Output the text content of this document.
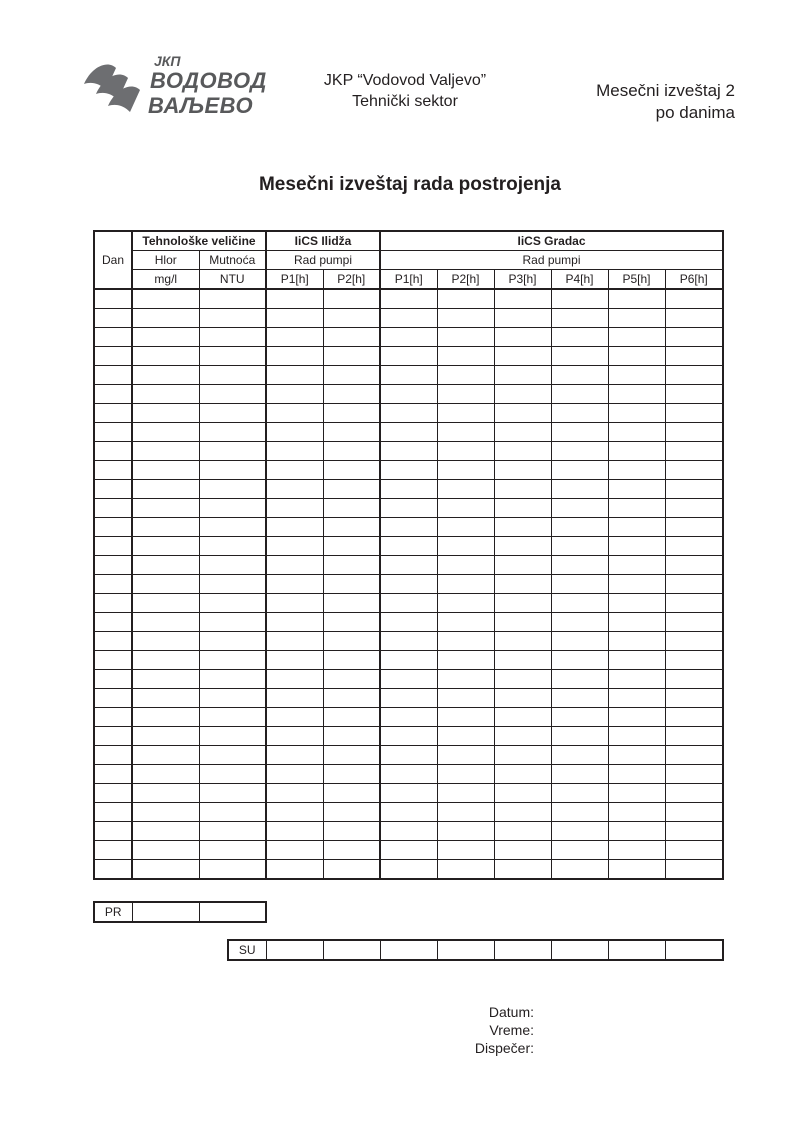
ЈКП
ВОДОВОД
ВАЉЕВО
JKP “Vodovod Valjevo”
Tehnički sektor
Mesečni izveštaj 2
po danima
Mesečni izveštaj rada postrojenja
Dan	Tehnološke veličine		IiCS Ilidža		IiCS Gradac					
	Hlor	Mutnoća	Rad pumpi		Rad pumpi					
	mg/l	NTU	P1[h]	P2[h]	P1[h]	P2[h]	P3[h]	P4[h]	P5[h]	P6[h]

PR		
SU								
Datum:
Vreme:
Dispečer:
